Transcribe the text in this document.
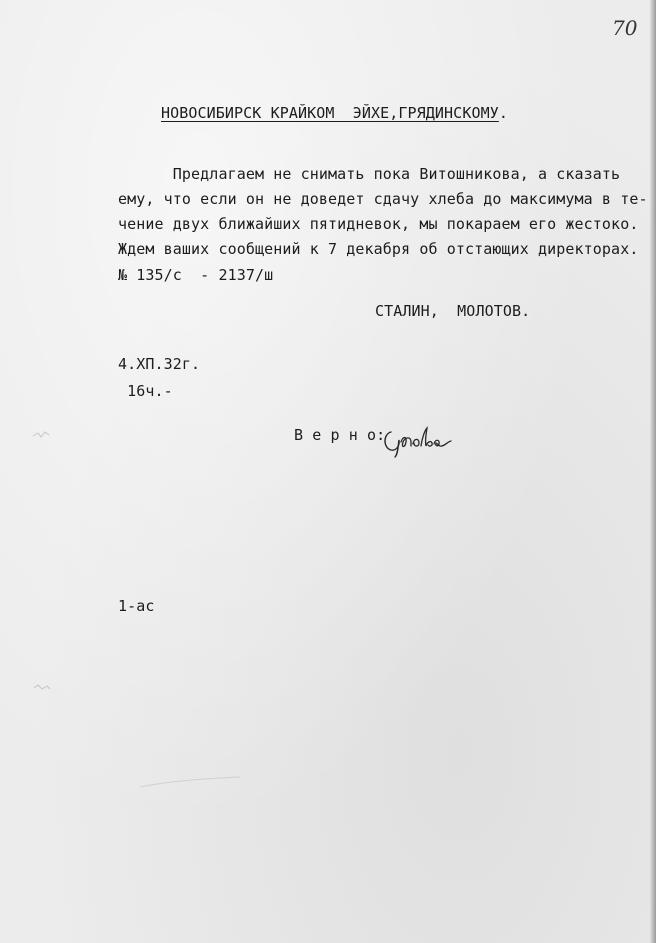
70
НОВОСИБИРСК КРАЙКОМ  ЭЙХЕ,ГРЯДИНСКОМУ.
Предлагаем не снимать пока Витошникова, а сказать
ему, что если он не доведет сдачу хлеба до максимума в те-
чение двух ближайших пятидневок, мы покараем его жестоко.
Ждем ваших сообщений к 7 декабря об отстающих директорах.
№ 135/с  - 2137/ш
СТАЛИН,  МОЛОТОВ.
4.ХП.32г.
16ч.-
В е р н о:
1-ас
